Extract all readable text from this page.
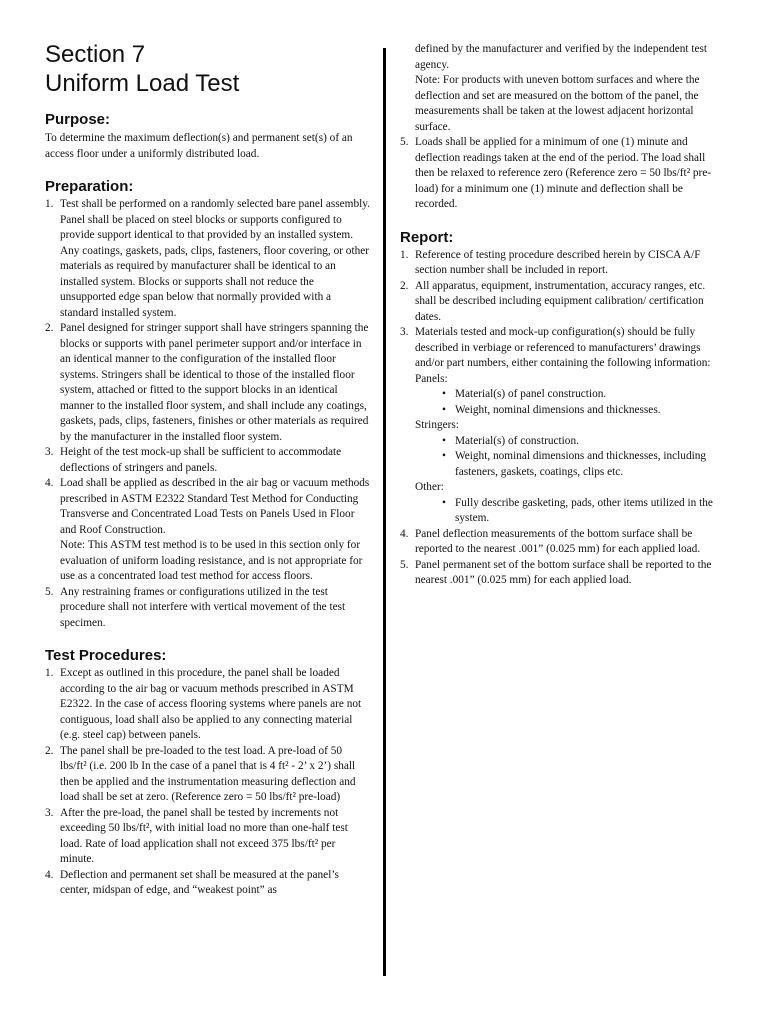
Section 7
Uniform Load Test
Purpose:
To determine the maximum deflection(s) and permanent set(s) of an access floor under a uniformly distributed load.
Preparation:
1. Test shall be performed on a randomly selected bare panel assembly. Panel shall be placed on steel blocks or supports configured to provide support identical to that provided by an installed system. Any coatings, gaskets, pads, clips, fasteners, floor covering, or other materials as required by manufacturer shall be identical to an installed system. Blocks or supports shall not reduce the unsupported edge span below that normally provided with a standard installed system.
2. Panel designed for stringer support shall have stringers spanning the blocks or supports with panel perimeter support and/or interface in an identical manner to the configuration of the installed floor systems. Stringers shall be identical to those of the installed floor system, attached or fitted to the support blocks in an identical manner to the installed floor system, and shall include any coatings, gaskets, pads, clips, fasteners, finishes or other materials as required by the manufacturer in the installed floor system.
3. Height of the test mock-up shall be sufficient to accommodate deflections of stringers and panels.
4. Load shall be applied as described in the air bag or vacuum methods prescribed in ASTM E2322 Standard Test Method for Conducting Transverse and Concentrated Load Tests on Panels Used in Floor and Roof Construction.
Note: This ASTM test method is to be used in this section only for evaluation of uniform loading resistance, and is not appropriate for use as a concentrated load test method for access floors.
5. Any restraining frames or configurations utilized in the test procedure shall not interfere with vertical movement of the test specimen.
Test Procedures:
1. Except as outlined in this procedure, the panel shall be loaded according to the air bag or vacuum methods prescribed in ASTM E2322. In the case of access flooring systems where panels are not contiguous, load shall also be applied to any connecting material (e.g. steel cap) between panels.
2. The panel shall be pre-loaded to the test load. A pre-load of 50 lbs/ft² (i.e. 200 lb In the case of a panel that is 4 ft² - 2’ x 2’) shall then be applied and the instrumentation measuring deflection and load shall be set at zero. (Reference zero = 50 lbs/ft² pre-load)
3. After the pre-load, the panel shall be tested by increments not exceeding 50 lbs/ft², with initial load no more than one-half test load. Rate of load application shall not exceed 375 lbs/ft² per minute.
4. Deflection and permanent set shall be measured at the panel’s center, midspan of edge, and “weakest point” as
defined by the manufacturer and verified by the independent test agency.
Note: For products with uneven bottom surfaces and where the deflection and set are measured on the bottom of the panel, the measurements shall be taken at the lowest adjacent horizontal surface.
5. Loads shall be applied for a minimum of one (1) minute and deflection readings taken at the end of the period. The load shall then be relaxed to reference zero (Reference zero = 50 lbs/ft² pre-load) for a minimum one (1) minute and deflection shall be recorded.
Report:
1. Reference of testing procedure described herein by CISCA A/F section number shall be included in report.
2. All apparatus, equipment, instrumentation, accuracy ranges, etc. shall be described including equipment calibration/ certification dates.
3. Materials tested and mock-up configuration(s) should be fully described in verbiage or referenced to manufacturers’ drawings and/or part numbers, either containing the following information:
Panels:
• Material(s) of panel construction.
• Weight, nominal dimensions and thicknesses.
Stringers:
• Material(s) of construction.
• Weight, nominal dimensions and thicknesses, including fasteners, gaskets, coatings, clips etc.
Other:
• Fully describe gasketing, pads, other items utilized in the system.
4. Panel deflection measurements of the bottom surface shall be reported to the nearest .001” (0.025 mm) for each applied load.
5. Panel permanent set of the bottom surface shall be reported to the nearest .001” (0.025 mm) for each applied load.
